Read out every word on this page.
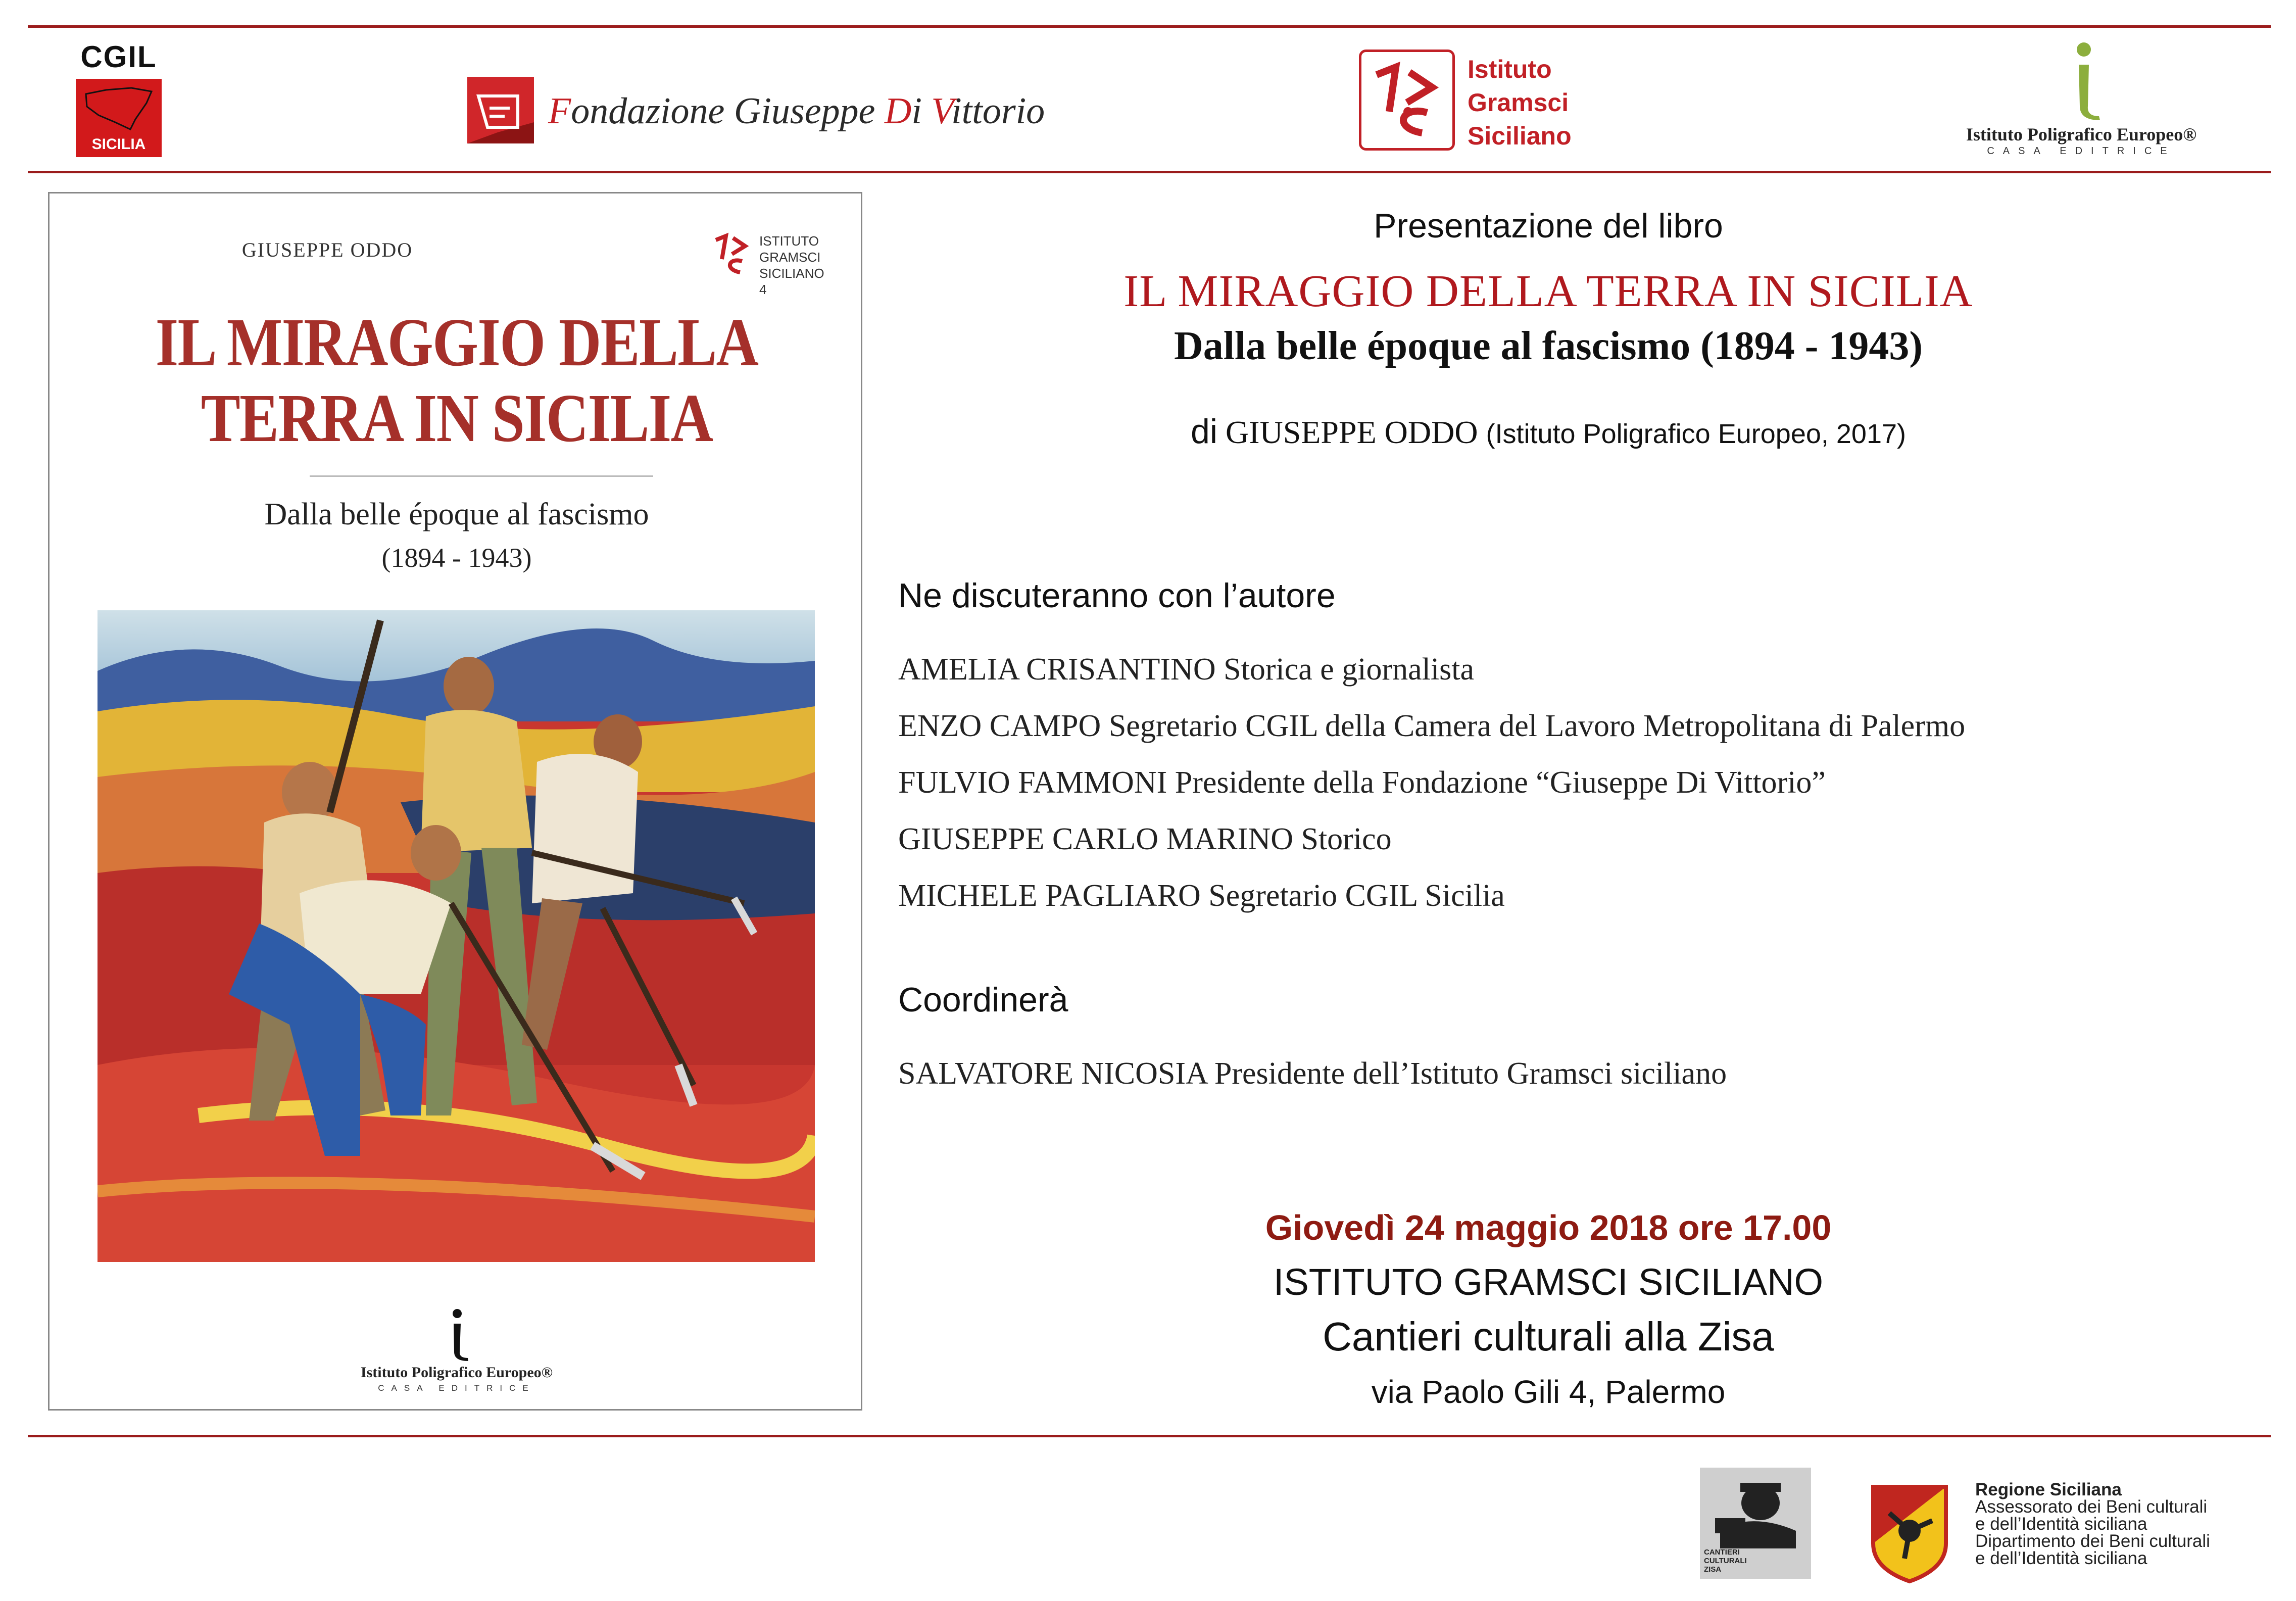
CGIL
SICILIA
Fondazione Giuseppe Di Vittorio
Istituto
Gramsci
Siciliano	Istituto Poligrafico Europeo®
CASA EDITRICE
GIUSEPPE ODDO	ISTITUTO
GRAMSCI
SICILIANO
4
IL MIRAGGIO DELLA
TERRA IN SICILIA
Dalla belle époque al fascismo
(1894 - 1943)
Istituto Poligrafico Europeo®
CASA EDITRICE
Presentazione del libro
IL MIRAGGIO DELLA TERRA IN SICILIA
Dalla belle époque al fascismo (1894 - 1943)
di GIUSEPPE ODDO (Istituto Poligrafico Europeo, 2017)
Ne discuteranno con l’autore
AMELIA CRISANTINO Storica e giornalista
ENZO CAMPO Segretario CGIL della Camera del Lavoro Metropolitana di Palermo
FULVIO FAMMONI Presidente della Fondazione “Giuseppe Di Vittorio”
GIUSEPPE CARLO MARINO Storico
MICHELE PAGLIARO Segretario CGIL Sicilia
Coordinerà
SALVATORE NICOSIA Presidente dell’Istituto Gramsci siciliano
Giovedì 24 maggio 2018 ore 17.00
ISTITUTO GRAMSCI SICILIANO
Cantieri culturali alla Zisa
via Paolo Gili 4, Palermo
CANTIERI
CULTURALI
ZISA
Regione Siciliana
Assessorato dei Beni culturali
e dell’Identità siciliana
Dipartimento dei Beni culturali
e dell’Identità siciliana
